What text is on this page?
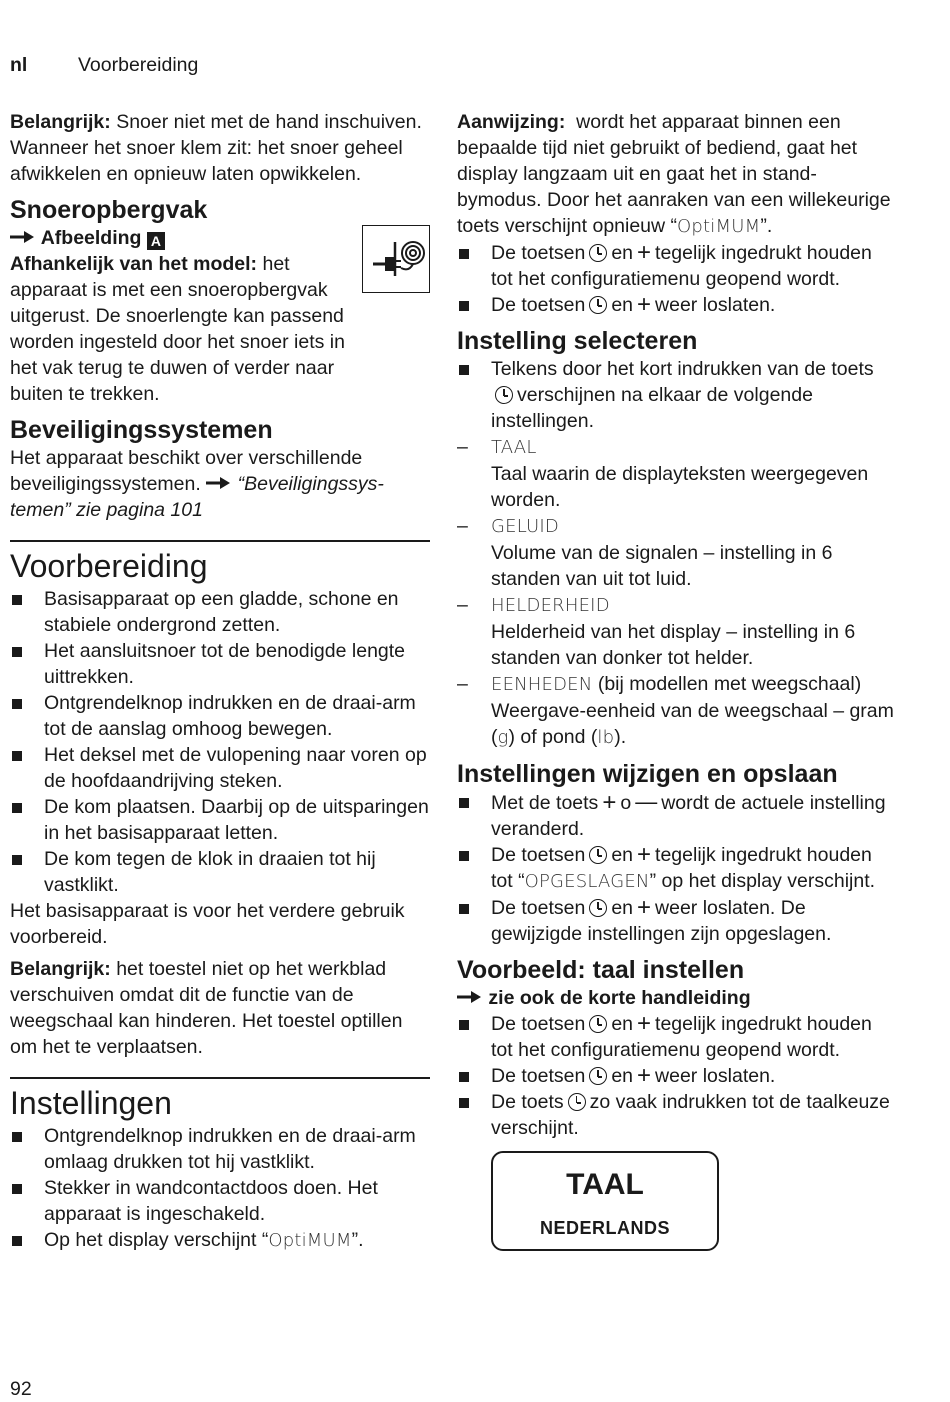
nl	Voorbereiding

Belangrijk: Snoer niet met de hand inschuiven. Wanneer het snoer klem zit: het snoer geheel afwikkelen en opnieuw laten opwikkelen.

Snoeropbergvak

Afbeelding A

Afhankelijk van het model: het apparaat is met een snoeropbergvak uitgerust. De snoerlengte kan passend worden ingesteld door het snoer iets in het vak terug te duwen of verder naar buiten te trekken.

Beveiligingssystemen

Het apparaat beschikt over verschillende beveiligingssystemen. “Beveiligingssys-temen” zie pagina 101

Voorbereiding
Basisapparaat op een gladde, schone en stabiele ondergrond zetten.
Het aansluitsnoer tot de benodigde lengte uittrekken.
Ontgrendelknop indrukken en de draai-arm tot de aanslag omhoog bewegen.
Het deksel met de vulopening naar voren op de hoofdaandrijving steken.
De kom plaatsen. Daarbij op de uitsparingen in het basisapparaat letten.
De kom tegen de klok in draaien tot hij vastklikt.

Het basisapparaat is voor het verdere gebruik voorbereid.

Belangrijk: het toestel niet op het werkblad verschuiven omdat dit de functie van de weegschaal kan hinderen. Het toestel optillen om het te verplaatsen.

Instellingen
Ontgrendelknop indrukken en de draai-arm omlaag drukken tot hij vastklikt.
Stekker in wandcontactdoos doen. Het apparaat is ingeschakeld.
Op het display verschijnt “OptiMUM”.

Aanwijzing: wordt het apparaat binnen een bepaalde tijd niet gebruikt of bediend, gaat het display langzaam uit en gaat het in stand-bymodus. Door het aanraken van een willekeurige toets verschijnt opnieuw “OptiMUM”.

De toetsen en + tegelijk ingedrukt houden tot het configuratiemenu geopend wordt.
De toetsen en + weer loslaten.
Instelling selecteren
Telkens door het kort indrukken van de toetsverschijnen na elkaar de volgende instellingen.
– TAAL
Taal waarin de displayteksten weergegeven worden.
– GELUID
Volume van de signalen – instelling in 6 standen van uit tot luid.
– HELDERHEID
Helderheid van het display – instelling in 6 standen van donker tot helder.
– EENHEDEN (bij modellen met weegschaal) Weergave-eenheid van de weegschaal – gram (g) of pond (lb).
Instellingen wijzigen en opslaan
Met de toets + o — wordt de actuele instelling veranderd.
De toetsen en + tegelijk ingedrukt houden tot “OPGESLAGEN” op het display verschijnt.
De toetsen en + weer loslaten. De gewijzigde instellingen zijn opgeslagen.
Voorbeeld: taal instellen

zie ook de korte handleiding

De toetsen en + tegelijk ingedrukt houden tot het configuratiemenu geopend wordt.
De toetsen en + weer loslaten.
De toets zo vaak indrukken tot de taalkeuze verschijnt.
TAAL
NEDERLANDS
92
